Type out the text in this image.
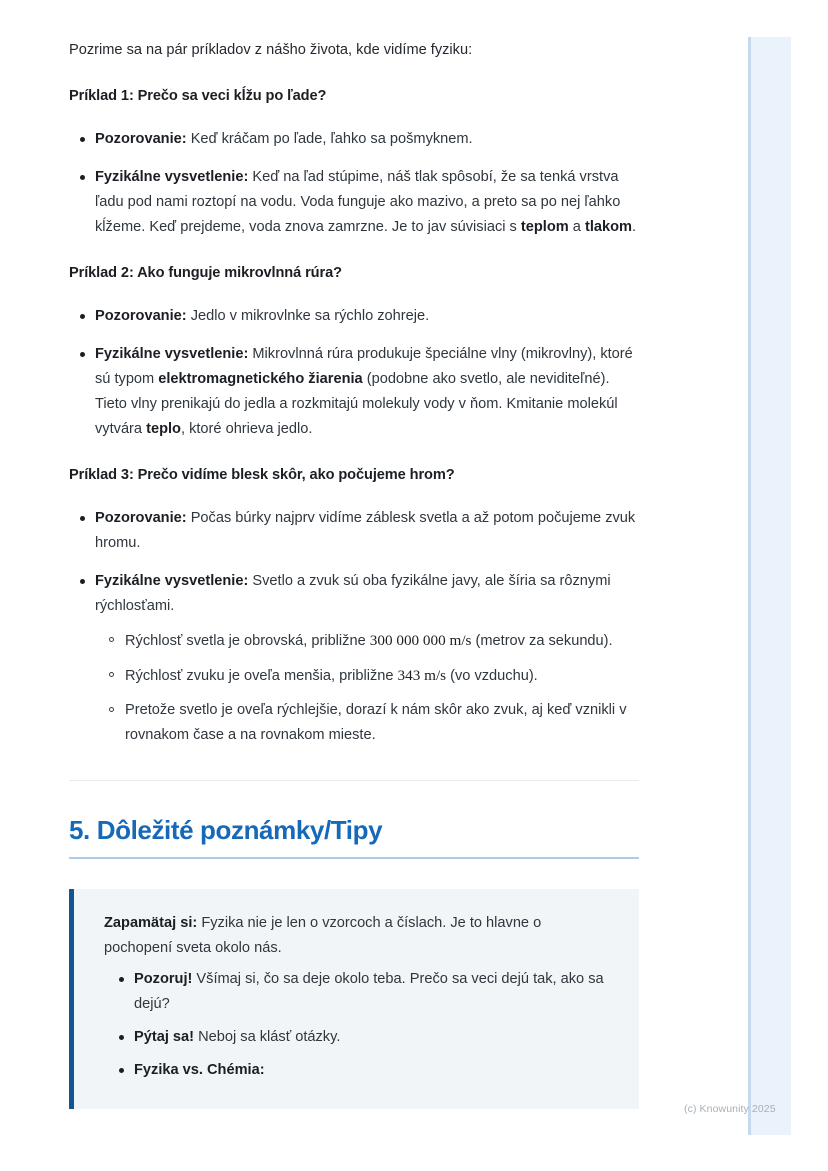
Pozrime sa na pár príkladov z nášho života, kde vidíme fyziku:

Príklad 1: Prečo sa veci kĺžu po ľade?
Pozorovanie: Keď kráčam po ľade, ľahko sa pošmyknem.
Fyzikálne vysvetlenie: Keď na ľad stúpime, náš tlak spôsobí, že sa tenká vrstva ľadu pod nami roztopí na vodu. Voda funguje ako mazivo, a preto sa po nej ľahko kĺžeme. Keď prejdeme, voda znova zamrzne. Je to jav súvisiaci s teplom a tlakom.
Príklad 2: Ako funguje mikrovlnná rúra?
Pozorovanie: Jedlo v mikrovlnke sa rýchlo zohreje.
Fyzikálne vysvetlenie: Mikrovlnná rúra produkuje špeciálne vlny (mikrovlny), ktoré sú typom elektromagnetického žiarenia (podobne ako svetlo, ale neviditeľné). Tieto vlny prenikajú do jedla a rozkmitajú molekuly vody v ňom. Kmitanie molekúl vytvára teplo, ktoré ohrieva jedlo.
Príklad 3: Prečo vidíme blesk skôr, ako počujeme hrom?
Pozorovanie: Počas búrky najprv vidíme záblesk svetla a až potom počujeme zvuk hromu.
Fyzikálne vysvetlenie: Svetlo a zvuk sú oba fyzikálne javy, ale šíria sa rôznymi rýchlosťami.
Rýchlosť svetla je obrovská, približne 300 000 000 m/s (metrov za sekundu).
Rýchlosť zvuku je oveľa menšia, približne 343 m/s (vo vzduchu).
Pretože svetlo je oveľa rýchlejšie, dorazí k nám skôr ako zvuk, aj keď vznikli v rovnakom čase a na rovnakom mieste.
5. Dôležité poznámky/Tipy

Zapamätaj si: Fyzika nie je len o vzorcoch a číslach. Je to hlavne o pochopení sveta okolo nás.

Pozoruj! Všímaj si, čo sa deje okolo teba. Prečo sa veci dejú tak, ako sa dejú?
Pýtaj sa! Neboj sa klásť otázky.
Fyzika vs. Chémia:
(c) Knowunity 2025
